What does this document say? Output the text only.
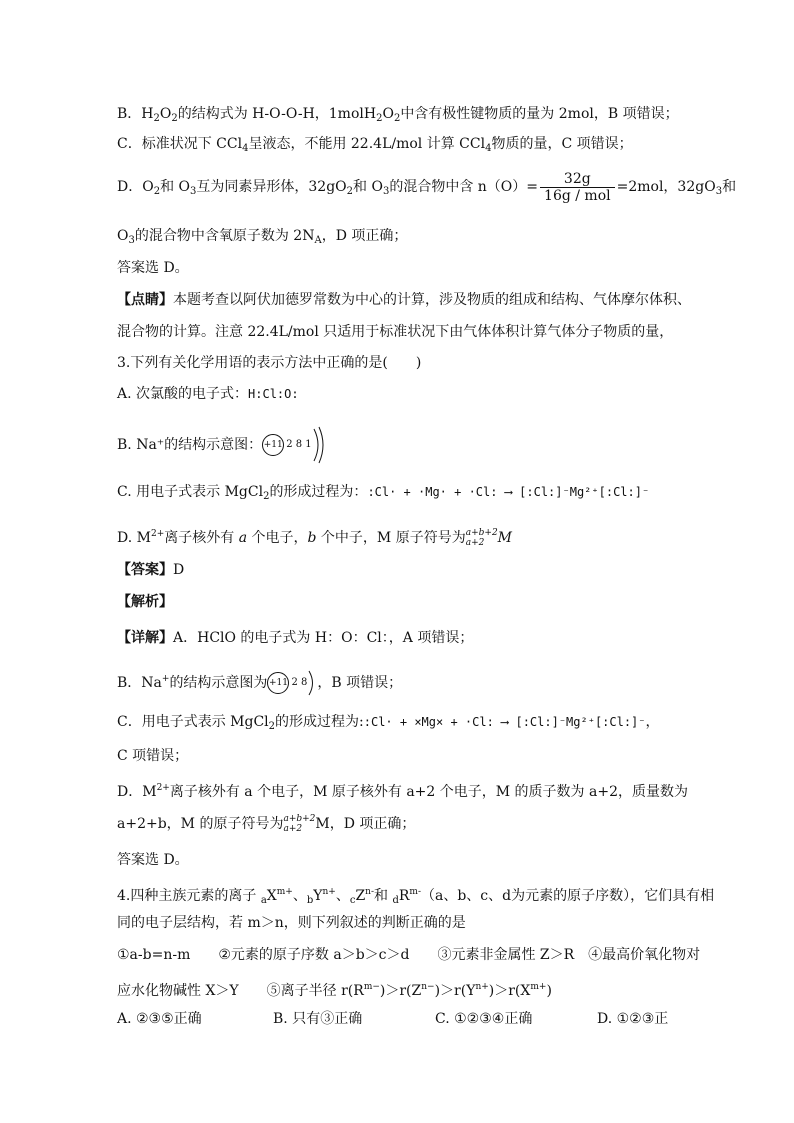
B．$H_2O_2$的结构式为 H-O-O-H，$1molH_2O_2$中含有极性键物质的量为 2mol，B 项错误；
C．标准状况下 CCl$_4$呈液态，不能用 22.4L/mol 计算 CCl$_4$物质的量，C 项错误；
D．$O_2$和 $O_3$互为同素异形体，$32gO_2$和 $O_3$的混合物中含 $n(O)= \frac{32g}{\text{16g / mol}} =2mol$，$32gO_3$和
$O_3$的混合物中含氧原子数为 $2N_A$，D 项正确；
答案选 D。
【点睛】本题考查以阿伏加德罗常数为中心的计算，涉及物质的组成和结构、气体摩尔体积、
混合物的计算。注意 22.4L/mol 只适用于标准状况下由气体体积计算气体分子物质的量，
3.下列有关化学用语的表示方法中正确的是(　　)
A. 次氯酸的电子式：H:Cl:O:
B. Na⁺的结构示意图： +11 2 8 1
C. 用电子式表示 MgCl$_2$的形成过程为：:Cl· + ·Mg· + ·Cl: ⟶ [:Cl:]⁻Mg²⁺[:Cl:]⁻
D. $M^{2+}$离子核外有 a 个电子，b 个中子，M 原子符号为 a+b+2
a+2 M
【答案】D
【解析】
【详解】A．HClO 的电子式为 H：O：Cl：，A 项错误；
B．Na+的结构示意图为 +11 2 8 ，B 项错误；
C．用电子式表示 MgCl$_2$的形成过程为::Cl· + ×Mg× + ·Cl: ⟶ [:Cl:]⁻Mg²⁺[:Cl:]⁻，
C 项错误；
D．$M^{2+}$离子核外有 a 个电子，M 原子核外有 a+2 个电子，M 的质子数为 a+2，质量数为
a+2+b，M 的原子符号为 a+b+2
a+2 M，D 项正确；
答案选 D。
4.四种主族元素的离子 $_aX^{m+}$、$_bY^{n+}$、$_cZ^{n-}$和 $_dR^{m-}(a$、b、c、d为元素的原子序数），它们具有相
同的电子层结构，若 m＞n，则下列叙述的判断正确的是
①a-b=n-m　　②元素的原子序数 a＞b＞c＞d　　③元素非金属性 Z＞R　④最高价氧化物对
应水化物碱性 X＞Y　　⑤离子半径 $r(R^{m-})>r(Z^{n-})>r(Y^{n+})>r(X^{m+})$
A. ②③⑤正确	B. 只有③正确	C. ①②③④正确	D. ①②③正
